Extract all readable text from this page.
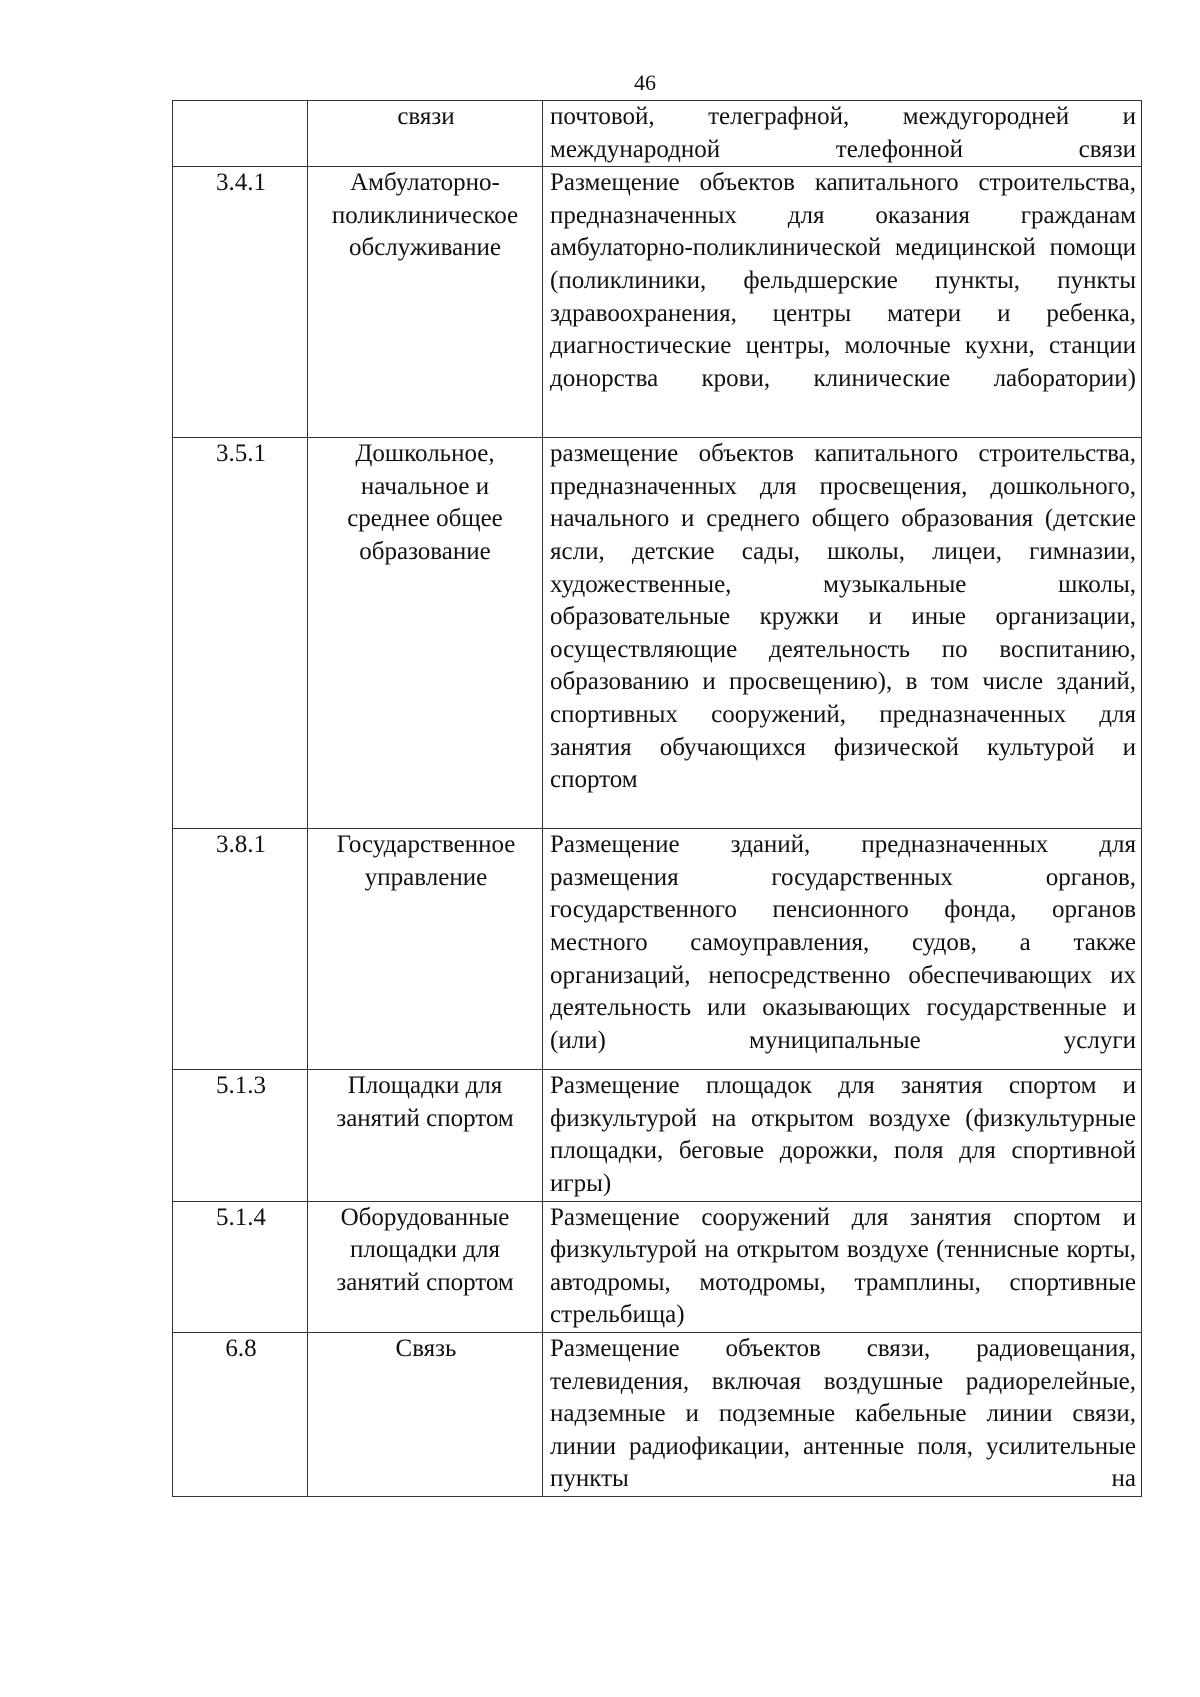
46
	связи	почтовой, телеграфной, междугородней и международной телефонной связи
3.4.1	Амбулаторно-поликлиническое обслуживание	Размещение объектов капитального строительства, предназначенных для оказания гражданам амбулаторно-поликлинической медицинской помощи (поликлиники, фельдшерские пункты, пункты здравоохранения, центры матери и ребенка, диагностические центры, молочные кухни, станции донорства крови, клинические лаборатории)
3.5.1	Дошкольное, начальное и среднее общее образование	размещение объектов капитального строительства, предназначенных для просвещения, дошкольного, начального и среднего общего образования (детские ясли, детские сады, школы, лицеи, гимназии, художественные, музыкальные школы, образовательные кружки и иные организации, осуществляющие деятельность по воспитанию, образованию и просвещению), в том числе зданий, спортивных сооружений, предназначенных для занятия обучающихся физической культурой и спортом
3.8.1	Государственное управление	Размещение зданий, предназначенных для размещения государственных органов, государственного пенсионного фонда, органов местного самоуправления, судов, а также организаций, непосредственно обеспечивающих их деятельность или оказывающих государственные и (или) муниципальные услуги
5.1.3	Площадки для занятий спортом	Размещение площадок для занятия спортом и физкультурой на открытом воздухе (физкультурные площадки, беговые дорожки, поля для спортивной игры)
5.1.4	Оборудованные площадки для занятий спортом	Размещение сооружений для занятия спортом и физкультурой на открытом воздухе (теннисные корты, автодромы, мотодромы, трамплины, спортивные стрельбища)
6.8	Связь	Размещение объектов связи, радиовещания, телевидения, включая воздушные радиорелейные, надземные и подземные кабельные линии связи, линии радиофикации, антенные поля, усилительные пункты на
